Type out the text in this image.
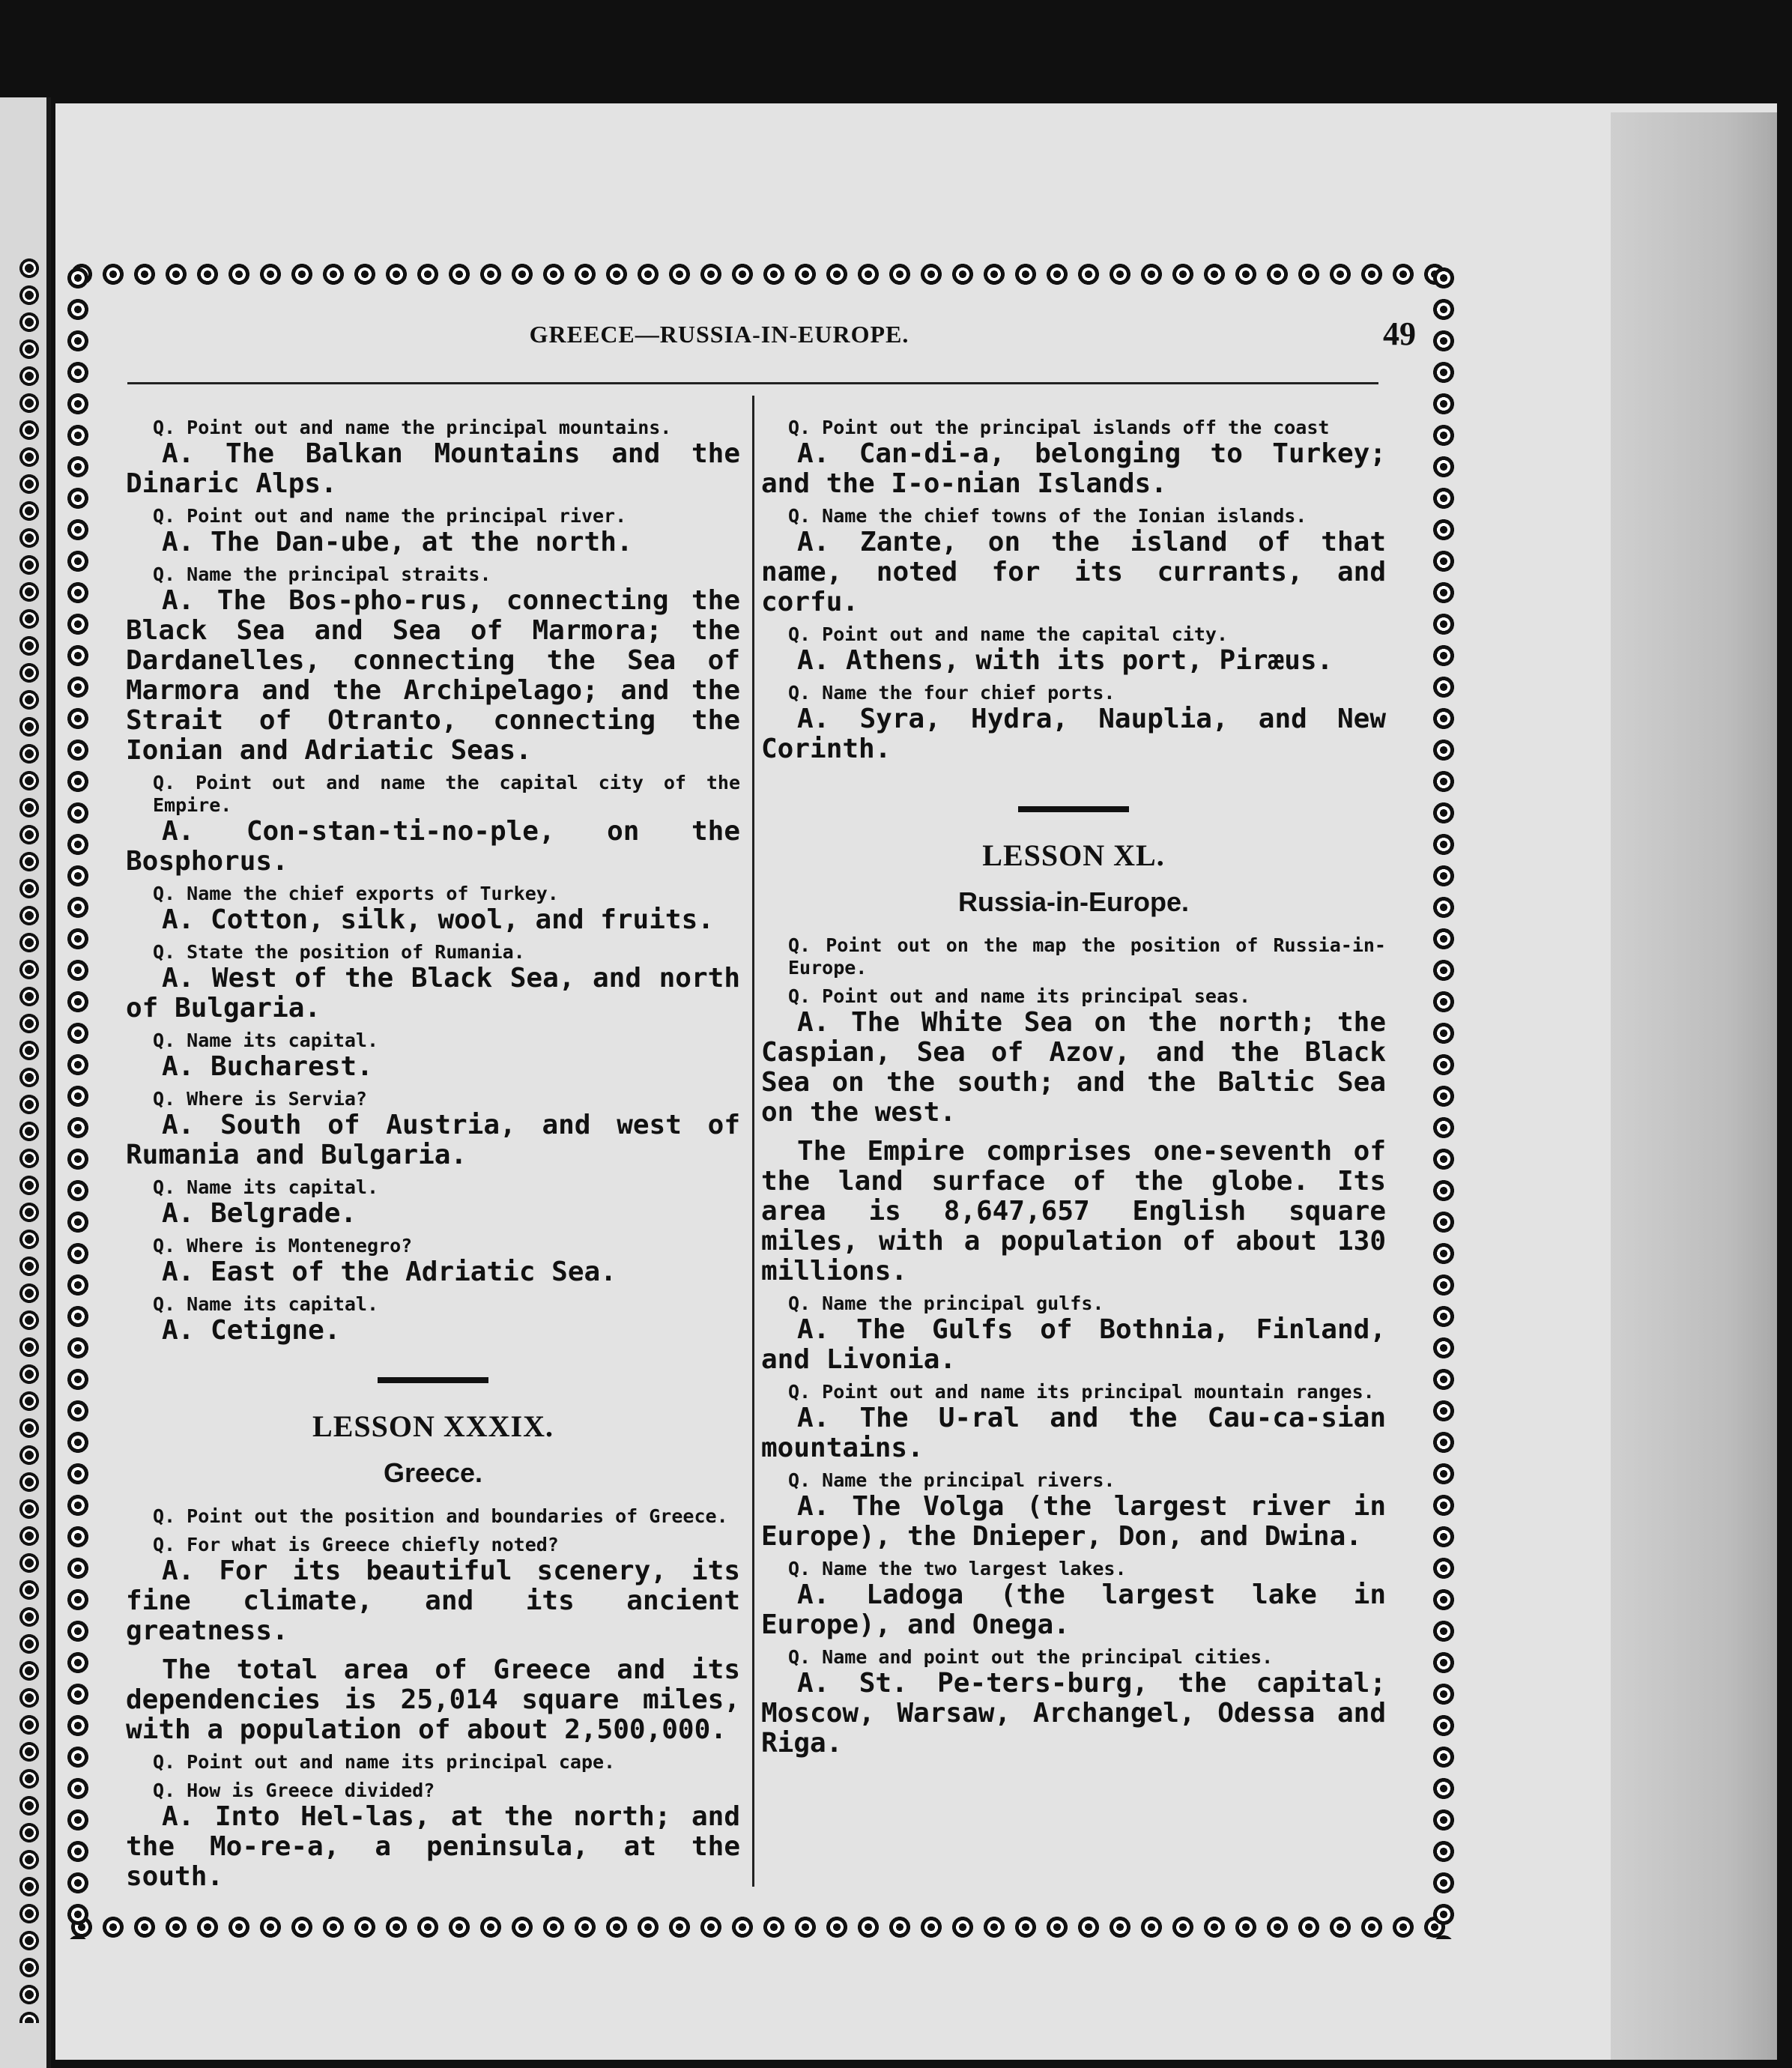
GREECE—RUSSIA-IN-EUROPE.	49

Q. Point out and name the principal mountains.

A. The Balkan Mountains and the Dinaric Alps.

Q. Point out and name the principal river.

A. The Dan-ube, at the north.

Q. Name the principal straits.

A. The Bos-pho-rus, connecting the Black Sea and Sea of Marmora; the Dardanelles, connecting the Sea of Marmora and the Archipelago; and the Strait of Otranto, connecting the Ionian and Adriatic Seas.

Q. Point out and name the capital city of the Empire.

A. Con-stan-ti-no-ple, on the Bosphorus.

Q. Name the chief exports of Turkey.

A. Cotton, silk, wool, and fruits.

Q. State the position of Rumania.

A. West of the Black Sea, and north of Bulgaria.

Q. Name its capital.

A. Bucharest.

Q. Where is Servia?

A. South of Austria, and west of Rumania and Bulgaria.

Q. Name its capital.

A. Belgrade.

Q. Where is Montenegro?

A. East of the Adriatic Sea.

Q. Name its capital.

A. Cetigne.

LESSON XXXIX.
Greece.

Q. Point out the position and boundaries of Greece.

Q. For what is Greece chiefly noted?

A. For its beautiful scenery, its fine climate, and its ancient greatness.

The total area of Greece and its dependencies is 25,014 square miles, with a population of about 2,500,000.

Q. Point out and name its principal cape.

Q. How is Greece divided?

A. Into Hel-las, at the north; and the Mo-re-a, a peninsula, at the south.

Q. Point out the principal islands off the coast

A. Can-di-a, belonging to Turkey; and the I-o-nian Islands.

Q. Name the chief towns of the Ionian islands.

A. Zante, on the island of that name, noted for its currants, and corfu.

Q. Point out and name the capital city.

A. Athens, with its port, Piræus.

Q. Name the four chief ports.

A. Syra, Hydra, Nauplia, and New Corinth.

LESSON XL.
Russia-in-Europe.

Q. Point out on the map the position of Russia-in-Europe.

Q. Point out and name its principal seas.

A. The White Sea on the north; the Caspian, Sea of Azov, and the Black Sea on the south; and the Baltic Sea on the west.

The Empire comprises one-seventh of the land surface of the globe. Its area is 8,647,657 English square miles, with a population of about 130 millions.

Q. Name the principal gulfs.

A. The Gulfs of Bothnia, Finland, and Livonia.

Q. Point out and name its principal mountain ranges.

A. The U-ral and the Cau-ca-sian mountains.

Q. Name the principal rivers.

A. The Volga (the largest river in Europe), the Dnieper, Don, and Dwina.

Q. Name the two largest lakes.

A. Ladoga (the largest lake in Europe), and Onega.

Q. Name and point out the principal cities.

A. St. Pe-ters-burg, the capital; Moscow, Warsaw, Archangel, Odessa and Riga.
